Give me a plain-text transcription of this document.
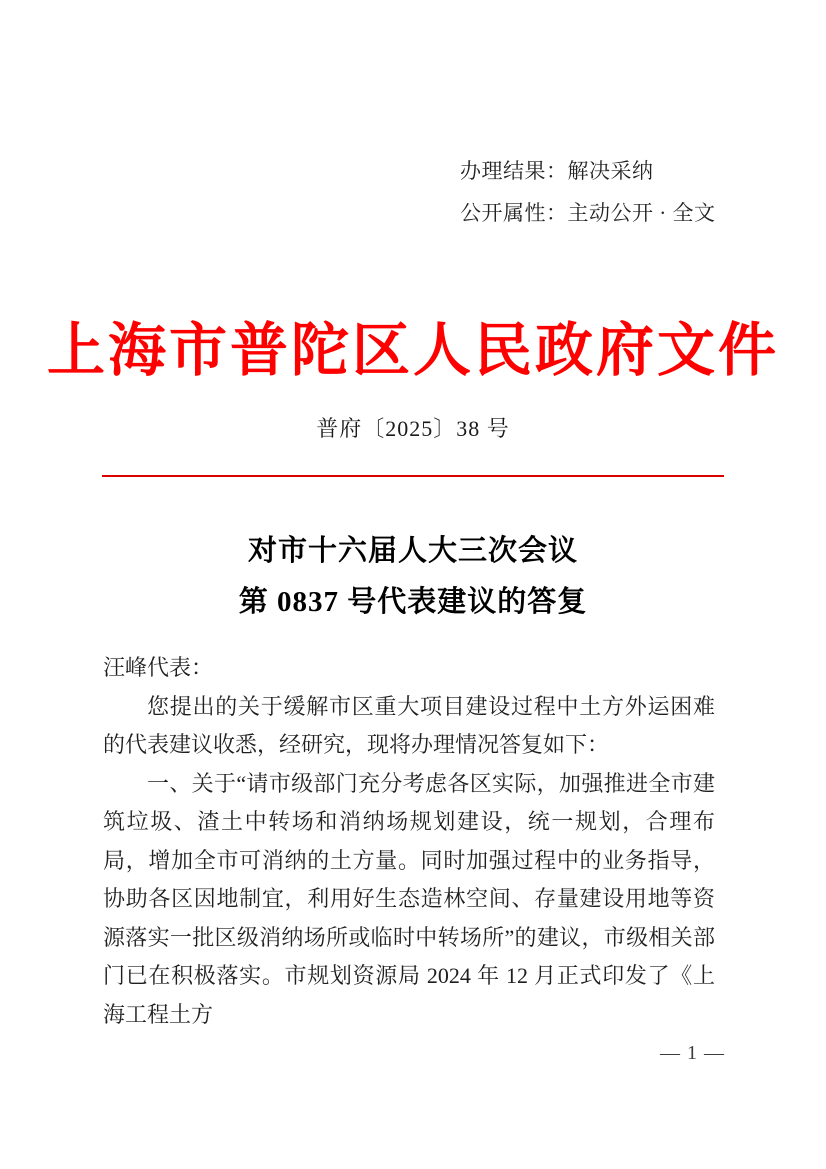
办理结果：解决采纳
公开属性：主动公开 · 全文
上海市普陀区人民政府文件
普府〔2025〕38 号
对市十六届人大三次会议
第 0837 号代表建议的答复

汪峰代表：

您提出的关于缓解市区重大项目建设过程中土方外运困难的代表建议收悉，经研究，现将办理情况答复如下：

一、关于“请市级部门充分考虑各区实际，加强推进全市建筑垃圾、渣土中转场和消纳场规划建设，统一规划，合理布局，增加全市可消纳的土方量。同时加强过程中的业务指导，协助各区因地制宜，利用好生态造林空间、存量建设用地等资源落实一批区级消纳场所或临时中转场所”的建议，市级相关部门已在积极落实。市规划资源局 2024 年 12 月正式印发了《上海工程土方

— 1 —
